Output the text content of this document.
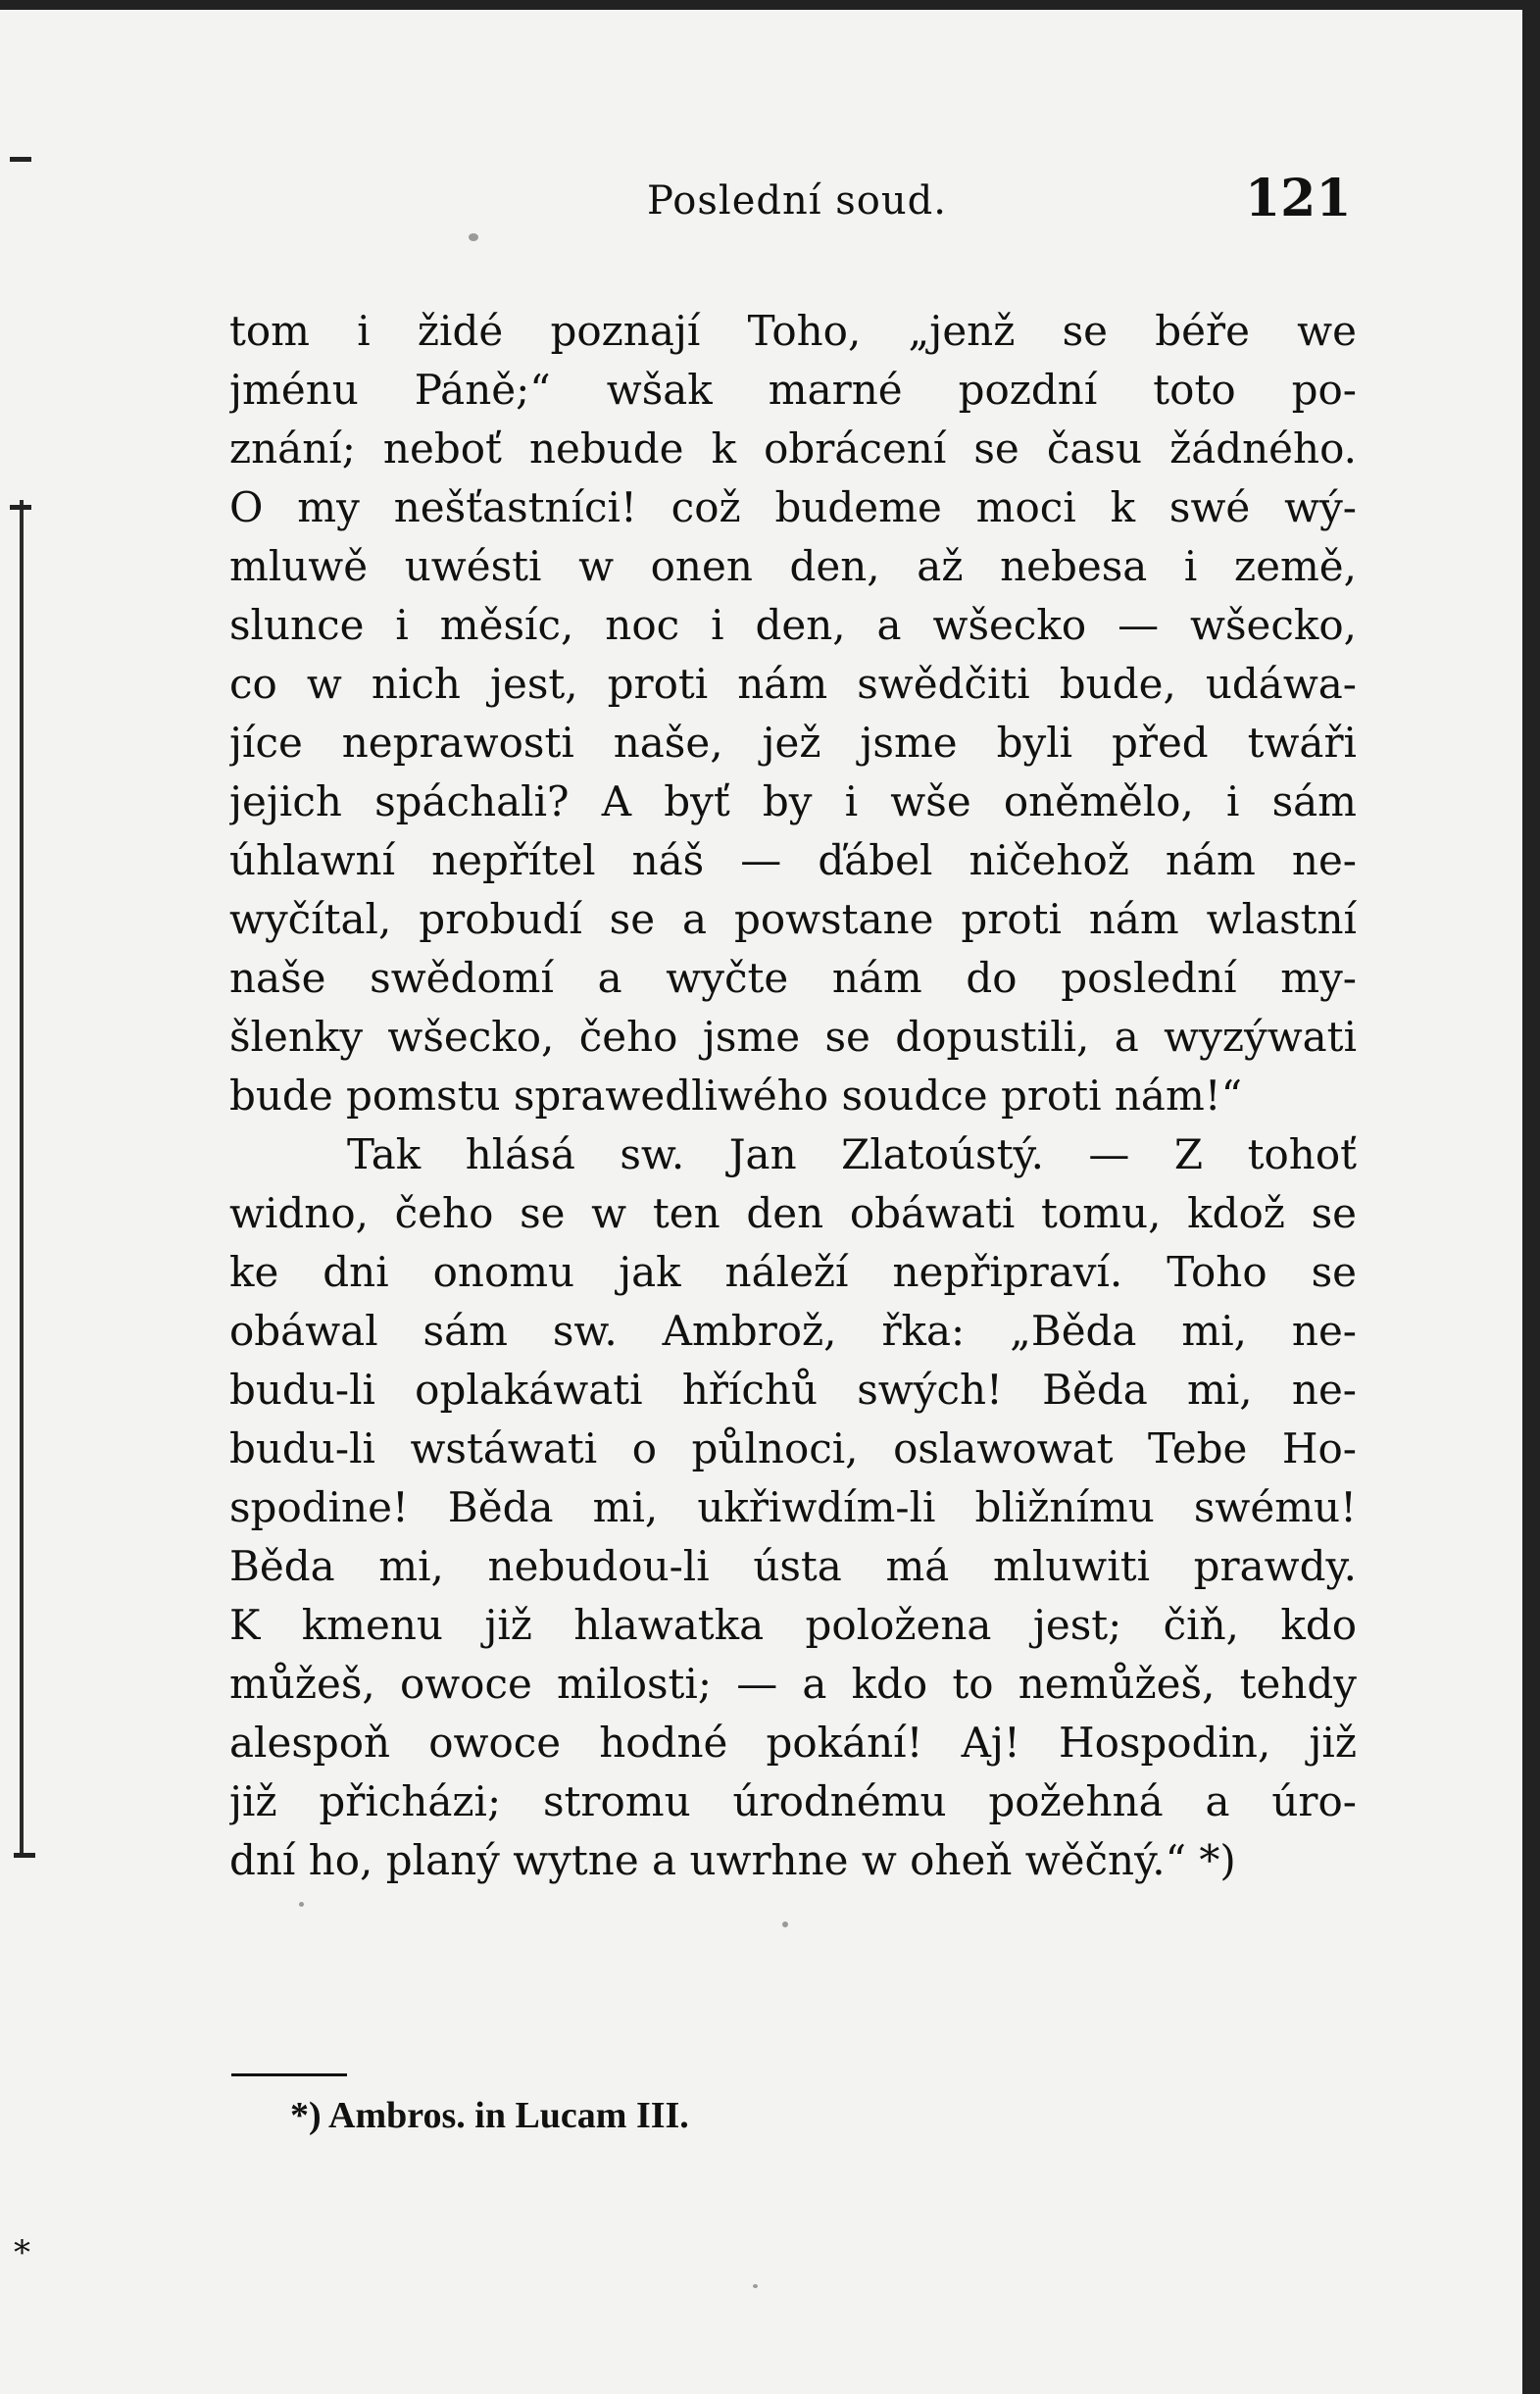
Poslední soud.	121
tom i židé poznají Toho, „jenž se béře we
jménu Páně;“ wšak marné pozdní toto po-
znání; neboť nebude k obrácení se času žádného.
O my nešťastníci! což budeme moci k swé wý-
mluwě uwésti w onen den, až nebesa i země,
slunce i měsíc, noc i den, a wšecko — wšecko,
co w nich jest, proti nám swědčiti bude, udáwa-
jíce neprawosti naše, jež jsme byli před twáři
jejich spáchali? A byť by i wše oněmělo, i sám
úhlawní nepřítel náš — ďábel ničehož nám ne-
wyčítal, probudí se a powstane proti nám wlastní
naše swědomí a wyčte nám do poslední my-
šlenky wšecko, čeho jsme se dopustili, a wyzýwati
bude pomstu sprawedliwého soudce proti nám!“
Tak hlásá sw. Jan Zlatoústý. — Z tohoť
widno, čeho se w ten den obáwati tomu, kdož se
ke dni onomu jak náleží nepřipraví. Toho se
obáwal sám sw. Ambrož, řka: „Běda mi, ne-
budu-li oplakáwati hříchů swých! Běda mi, ne-
budu-li wstáwati o půlnoci, oslawowat Tebe Ho-
spodine! Běda mi, ukřiwdím-li bližnímu swému!
Běda mi, nebudou-li ústa má mluwiti prawdy.
K kmenu již hlawatka položena jest; čiň, kdo
můžeš, owoce milosti; — a kdo to nemůžeš, tehdy
alespoň owoce hodné pokání! Aj! Hospodin, již
již přicházi; stromu úrodnému požehná a úro-
dní ho, planý wytne a uwrhne w oheň wěčný.“ *)
*) Ambros. in Lucam III.
*
